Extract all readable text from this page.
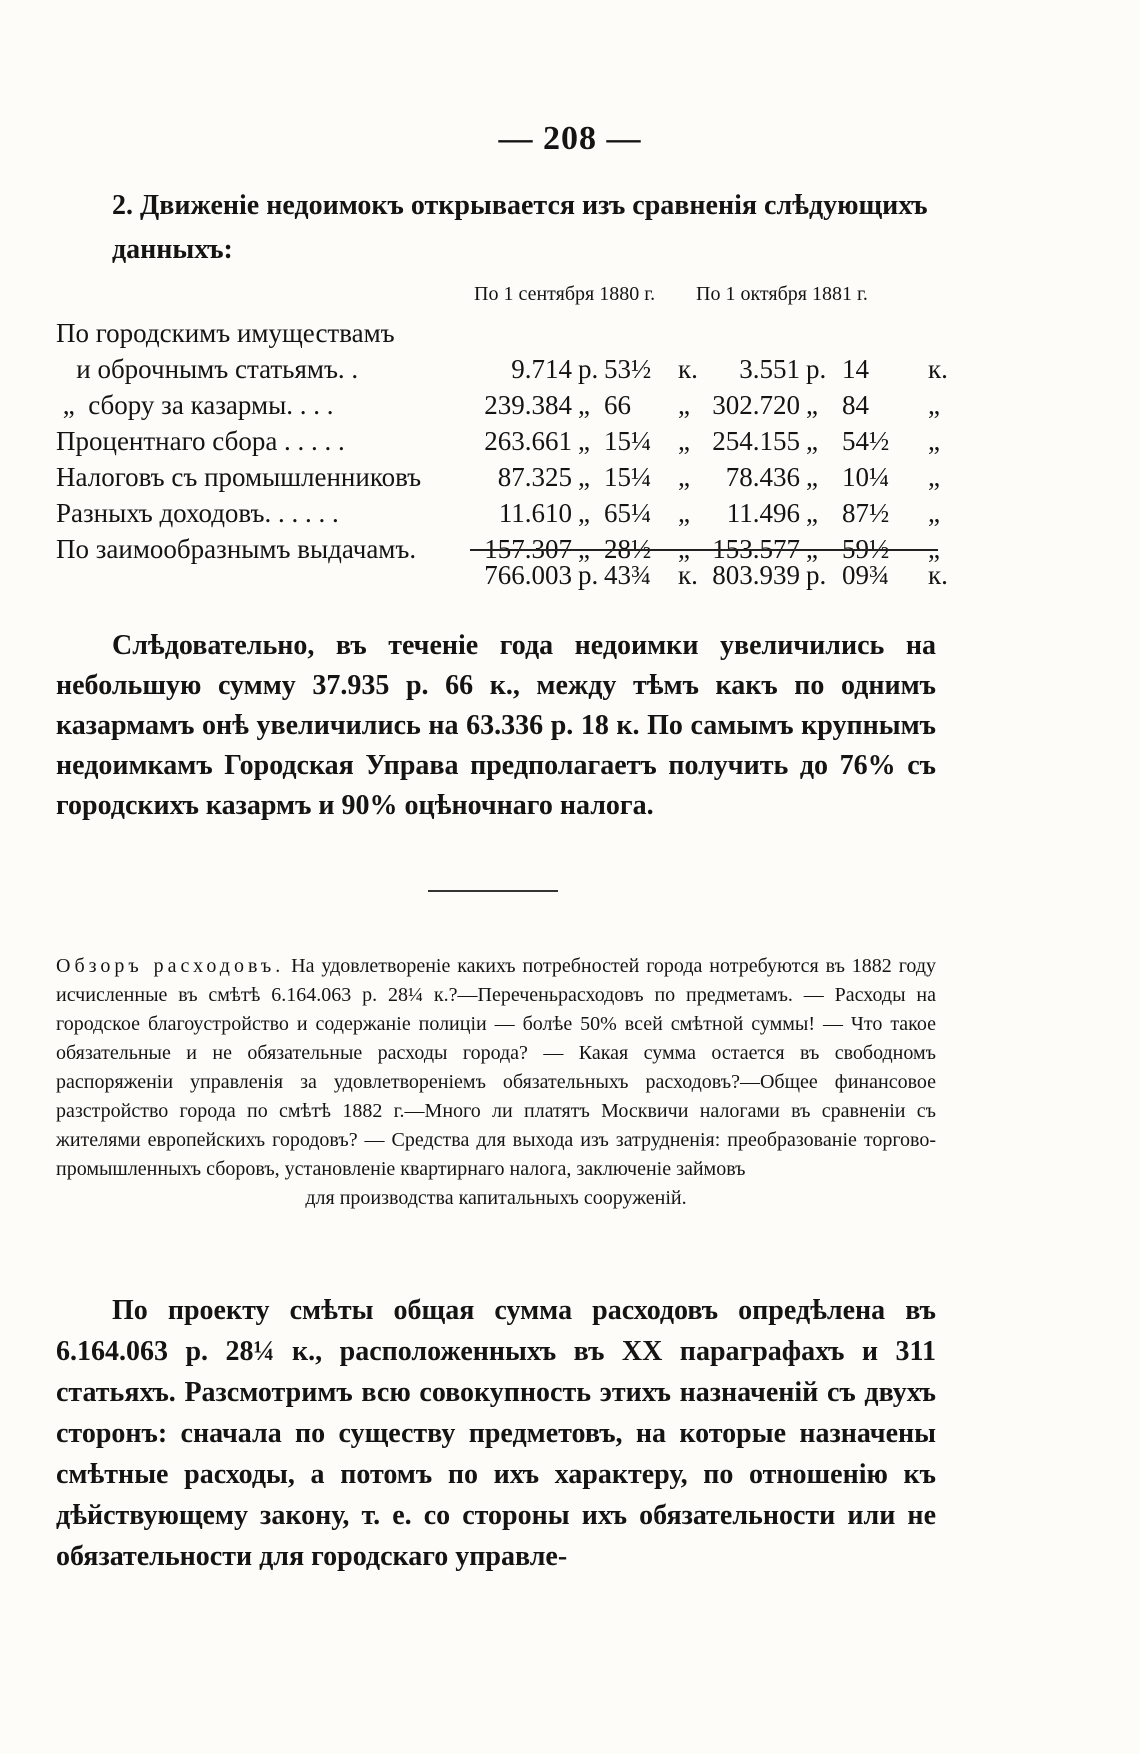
— 208 —
2. Движеніе недоимокъ открывается изъ сравненія слѣдующихъ данныхъ:
По 1 сентября 1880 г. По 1 октября 1881 г.
По городскимъ имуществамъ
и оброчнымъ статьямъ. .	9.714 р. 53½ к.	3.551 р. 14 к.
„  сбору за казармы. . . .	239.384 „ 66 „ 302.720 „ 84 „
Процентнаго сбора . . . . .	263.661 „ 15¼ „ 254.155 „ 54½ „
Налоговъ съ промышленниковъ	87.325 „ 15¼ „	78.436 „ 10¼ „
Разныхъ доходовъ. . . . . .	11.610 „ 65¼ „	11.496 „ 87½ „
По заимообразнымъ выдачамъ.	157.307 „ 28½ „ 153.577 „ 59½ „
766.003 р. 43¾ к. 803.939 р. 09¾ к.

Слѣдовательно, въ теченіе года недоимки увеличились на небольшую сумму 37.935 р. 66 к., между тѣмъ какъ по однимъ казармамъ онѣ увеличились на 63.336 р. 18 к. По самымъ крупнымъ недоимкамъ Городская Управа предполагаетъ получить до 76% съ городскихъ казармъ и 90% оцѣночнаго налога.

Обзоръ расходовъ. На удовлетвореніе какихъ потребностей города нотребуются въ 1882 году исчисленные въ смѣтѣ 6.164.063 р. 28¼ к.?—Переченьрасходовъ по предметамъ. — Расходы на городское благоустройство и содержаніе полиціи — болѣе 50% всей смѣтной суммы! — Что такое обязательные и не обязательные расходы города? — Какая сумма остается въ свободномъ распоряженіи управленія за удовлетвореніемъ обязательныхъ расходовъ?—Общее финансовое разстройство города по смѣтѣ 1882 г.—Много ли платятъ Москвичи налогами въ сравненіи съ жителями европейскихъ городовъ? — Средства для выхода изъ затрудненія: преобразованіе торгово-промышленныхъ сборовъ, установленіе квартирнаго налога, заключеніе займовъ

для производства капитальныхъ сооруженій.

По проекту смѣты общая сумма расходовъ опредѣлена въ 6.164.063 р. 28¼ к., расположенныхъ въ XX параграфахъ и 311 статьяхъ. Разсмотримъ всю совокупность этихъ назначеній съ двухъ сторонъ: сначала по существу предметовъ, на которые назначены смѣтные расходы, а потомъ по ихъ характеру, по отношенію къ дѣйствующему закону, т. е. со стороны ихъ обязательности или не обязательности для городскаго управле-
